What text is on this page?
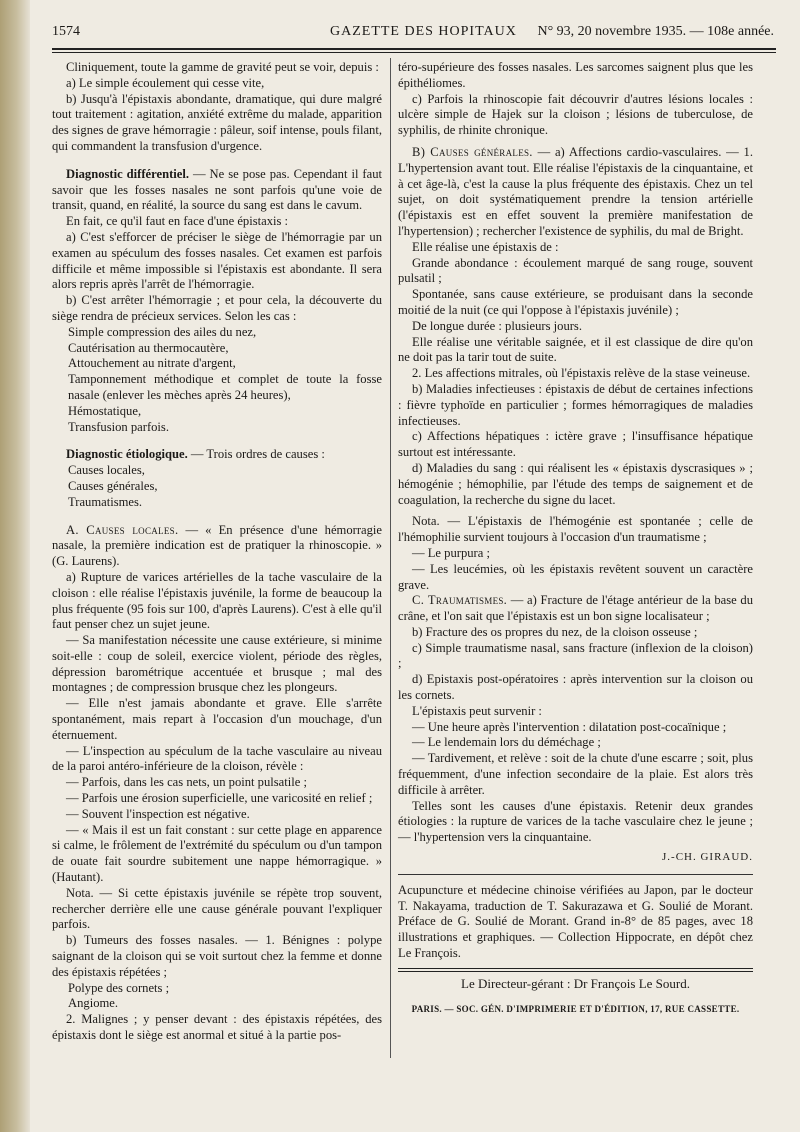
1574	GAZETTE DES HOPITAUX N° 93, 20 novembre 1935. — 108e année.

Cliniquement, toute la gamme de gravité peut se voir, depuis :

a) Le simple écoulement qui cesse vite,

b) Jusqu'à l'épistaxis abondante, dramatique, qui dure malgré tout traitement : agitation, anxiété extrême du malade, apparition des signes de grave hémorragie : pâleur, soif intense, pouls filant, qui commandent la transfusion d'urgence.

Diagnostic différentiel. — Ne se pose pas. Cependant il faut savoir que les fosses nasales ne sont parfois qu'une voie de transit, quand, en réalité, la source du sang est dans le cavum.

En fait, ce qu'il faut en face d'une épistaxis :

a) C'est s'efforcer de préciser le siège de l'hémorragie par un examen au spéculum des fosses nasales. Cet examen est parfois difficile et même impossible si l'épistaxis est abondante. Il sera alors repris après l'arrêt de l'hémorragie.

b) C'est arrêter l'hémorragie ; et pour cela, la découverte du siège rendra de précieux services. Selon les cas :

Simple compression des ailes du nez,

Cautérisation au thermocautère,

Attouchement au nitrate d'argent,

Tamponnement méthodique et complet de toute la fosse nasale (enlever les mèches après 24 heures),

Hémostatique,

Transfusion parfois.

Diagnostic étiologique. — Trois ordres de causes :

Causes locales,

Causes générales,

Traumatismes.

A. Causes locales. — « En présence d'une hémorragie nasale, la première indication est de pratiquer la rhinoscopie. » (G. Laurens).

a) Rupture de varices artérielles de la tache vasculaire de la cloison : elle réalise l'épistaxis juvénile, la forme de beaucoup la plus fréquente (95 fois sur 100, d'après Laurens). C'est à elle qu'il faut penser chez un sujet jeune.

— Sa manifestation nécessite une cause extérieure, si minime soit-elle : coup de soleil, exercice violent, période des règles, dépression barométrique accentuée et brusque ; mal des montagnes ; de compression brusque chez les plongeurs.

— Elle n'est jamais abondante et grave. Elle s'arrête spontanément, mais repart à l'occasion d'un mouchage, d'un éternuement.

— L'inspection au spéculum de la tache vasculaire au niveau de la paroi antéro-inférieure de la cloison, révèle :

— Parfois, dans les cas nets, un point pulsatile ;

— Parfois une érosion superficielle, une varicosité en relief ;

— Souvent l'inspection est négative.

— « Mais il est un fait constant : sur cette plage en apparence si calme, le frôlement de l'extrémité du spéculum ou d'un tampon de ouate fait sourdre subitement une nappe hémorragique. » (Hautant).

Nota. — Si cette épistaxis juvénile se répète trop souvent, rechercher derrière elle une cause générale pouvant l'expliquer parfois.

b) Tumeurs des fosses nasales. — 1. Bénignes : polype saignant de la cloison qui se voit surtout chez la femme et donne des épistaxis répétées ;

Polype des cornets ;

Angiome.

2. Malignes ; y penser devant : des épistaxis répétées, des épistaxis dont le siège est anormal et situé à la partie pos-

téro-supérieure des fosses nasales. Les sarcomes saignent plus que les épithéliomes.

c) Parfois la rhinoscopie fait découvrir d'autres lésions locales : ulcère simple de Hajek sur la cloison ; lésions de tuberculose, de syphilis, de rhinite chronique.

B) Causes générales. — a) Affections cardio-vasculaires. — 1. L'hypertension avant tout. Elle réalise l'épistaxis de la cinquantaine, et à cet âge-là, c'est la cause la plus fréquente des épistaxis. Chez un tel sujet, on doit systématiquement prendre la tension artérielle (l'épistaxis est en effet souvent la première manifestation de l'hypertension) ; rechercher l'existence de syphilis, du mal de Bright.

Elle réalise une épistaxis de :

Grande abondance : écoulement marqué de sang rouge, souvent pulsatil ;

Spontanée, sans cause extérieure, se produisant dans la seconde moitié de la nuit (ce qui l'oppose à l'épistaxis juvénile) ;

De longue durée : plusieurs jours.

Elle réalise une véritable saignée, et il est classique de dire qu'on ne doit pas la tarir tout de suite.

2. Les affections mitrales, où l'épistaxis relève de la stase veineuse.

b) Maladies infectieuses : épistaxis de début de certaines infections : fièvre typhoïde en particulier ; formes hémorragiques de maladies infectieuses.

c) Affections hépatiques : ictère grave ; l'insuffisance hépatique surtout est intéressante.

d) Maladies du sang : qui réalisent les « épistaxis dyscrasiques » ; hémogénie ; hémophilie, par l'étude des temps de saignement et de coagulation, la recherche du signe du lacet.

Nota. — L'épistaxis de l'hémogénie est spontanée ; celle de l'hémophilie survient toujours à l'occasion d'un traumatisme ;

— Le purpura ;

— Les leucémies, où les épistaxis revêtent souvent un caractère grave.

C. Traumatismes. — a) Fracture de l'étage antérieur de la base du crâne, et l'on sait que l'épistaxis est un bon signe localisateur ;

b) Fracture des os propres du nez, de la cloison osseuse ;

c) Simple traumatisme nasal, sans fracture (inflexion de la cloison) ;

d) Epistaxis post-opératoires : après intervention sur la cloison ou les cornets.

L'épistaxis peut survenir :

— Une heure après l'intervention : dilatation post-cocaïnique ;

— Le lendemain lors du déméchage ;

— Tardivement, et relève : soit de la chute d'une escarre ; soit, plus fréquemment, d'une infection secondaire de la plaie. Est alors très difficile à arrêter.

Telles sont les causes d'une épistaxis. Retenir deux grandes étiologies : la rupture de varices de la tache vasculaire chez le jeune ; — l'hypertension vers la cinquantaine.

J.-CH. GIRAUD.

Acupuncture et médecine chinoise vérifiées au Japon, par le docteur T. Nakayama, traduction de T. Sakurazawa et G. Soulié de Morant. Préface de G. Soulié de Morant. Grand in-8° de 85 pages, avec 18 illustrations et graphiques. — Collection Hippocrate, en dépôt chez Le François.

Le Directeur-gérant : Dr François Le Sourd.
PARIS. — SOC. GÉN. D'IMPRIMERIE ET D'ÉDITION, 17, RUE CASSETTE.
